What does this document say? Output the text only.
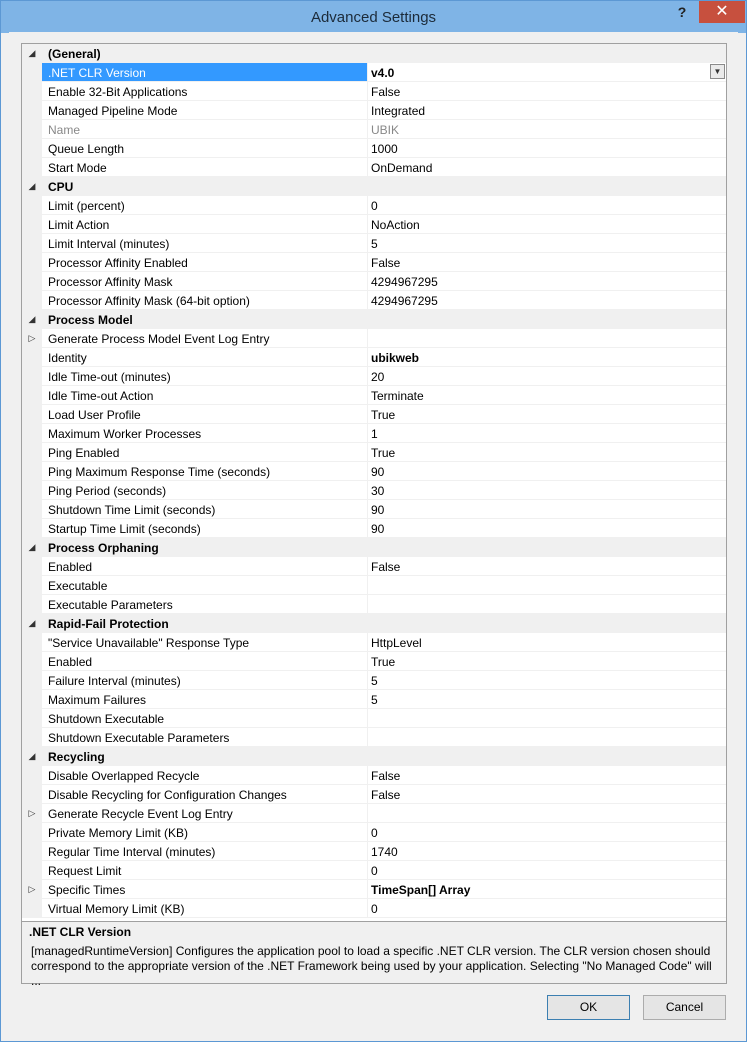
Advanced Settings	?	✕
◢ (General)
.NET CLR Version	v4.0	▼
Enable 32-Bit Applications	False
Managed Pipeline Mode	Integrated
Name	UBIK
Queue Length	1000
Start Mode	OnDemand
◢ CPU
Limit (percent)	0
Limit Action	NoAction
Limit Interval (minutes)	5
Processor Affinity Enabled	False
Processor Affinity Mask	4294967295
Processor Affinity Mask (64-bit option)	4294967295
◢ Process Model
▷ Generate Process Model Event Log Entry
Identity	ubikweb
Idle Time-out (minutes)	20
Idle Time-out Action	Terminate
Load User Profile	True
Maximum Worker Processes	1
Ping Enabled	True
Ping Maximum Response Time (seconds)	90
Ping Period (seconds)	30
Shutdown Time Limit (seconds)	90
Startup Time Limit (seconds)	90
◢ Process Orphaning
Enabled	False
Executable
Executable Parameters
◢ Rapid-Fail Protection
"Service Unavailable" Response Type	HttpLevel
Enabled	True
Failure Interval (minutes)	5
Maximum Failures	5
Shutdown Executable
Shutdown Executable Parameters
◢ Recycling
Disable Overlapped Recycle	False
Disable Recycling for Configuration Changes	False
▷ Generate Recycle Event Log Entry
Private Memory Limit (KB)	0
Regular Time Interval (minutes)	1740
Request Limit	0
▷ Specific Times	TimeSpan[] Array
Virtual Memory Limit (KB)	0
.NET CLR Version
[managedRuntimeVersion] Configures the application pool to load a specific .NET CLR version. The CLR version chosen should correspond to the appropriate version of the .NET Framework being used by your application. Selecting "No Managed Code" will ...
OK	Cancel
